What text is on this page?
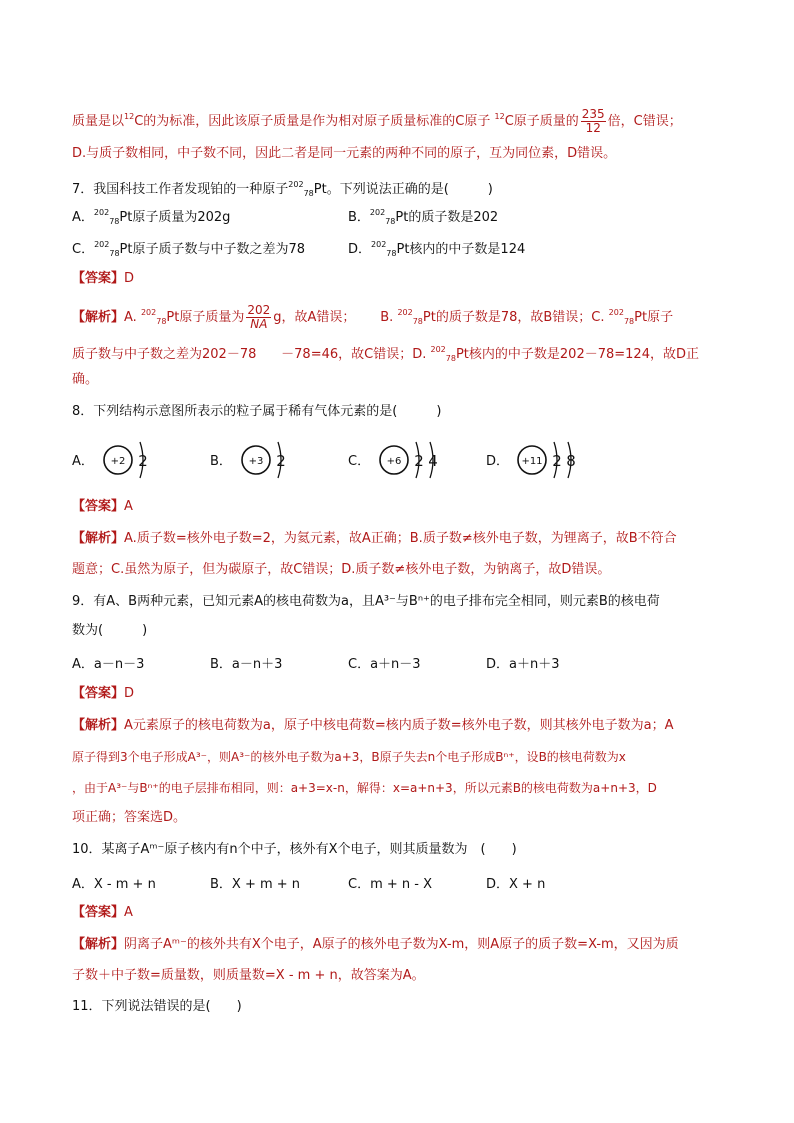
质量是以$^{12}$C的为标准，因此该原子质量是作为相对原子质量标准的C原子 $^{12}$C原子质量的 $\frac{235}{12}$ 倍，C错误；
D.与质子数相同，中子数不同，因此二者是同一元素的两种不同的原子，互为同位素，D错误。
7．我国科技工作者发现铂的一种原子$^{202}_{78}$Pt。下列说法正确的是(　　　)
A．$^{202}_{78}$Pt原子质量为202g	B．$^{202}_{78}$Pt的质子数是202
C．$^{202}_{78}$Pt原子质子数与中子数之差为78	D．$^{202}_{78}$Pt核内的中子数是124
【答案】D
【解析】A. $^{202}_{78}$Pt原子质量为 $\frac{202}{NA}$ g，故A错误； B. $^{202}_{78}$Pt的质子数是78，故B错误；C. $^{202}_{78}$Pt原子
质子数与中子数之差为202－78 －78=46，故C错误；D. $^{202}_{78}$Pt核内的中子数是202－78=124，故D正
确。
8．下列结构示意图所表示的粒子属于稀有气体元素的是(　　　)
A． +2 2	B． +3 2	C． +6 2 4	D． +11 2 8
【答案】A
【解析】A.质子数=核外电子数=2，为氦元素，故A正确；B.质子数≠核外电子数，为锂离子，故B不符合
题意；C.虽然为原子，但为碳原子，故C错误；D.质子数≠核外电子数，为钠离子，故D错误。
9．有A、B两种元素，已知元素A的核电荷数为a，且A³⁻与Bⁿ⁺的电子排布完全相同，则元素B的核电荷
数为(　　　)
A．a－n－3	B．a－n＋3	C．a＋n－3	D．a＋n＋3
【答案】D
【解析】A元素原子的核电荷数为a，原子中核电荷数=核内质子数=核外电子数，则其核外电子数为a；A
原子得到3个电子形成A³⁻，则A³⁻的核外电子数为a+3，B原子失去n个电子形成Bⁿ⁺，设B的核电荷数为x
，由于A³⁻与Bⁿ⁺的电子层排布相同，则：a+3=x-n，解得：x=a+n+3，所以元素B的核电荷数为a+n+3，D
项正确；答案选D。
10．某离子Aᵐ⁻原子核内有n个中子，核外有X个电子，则其质量数为　(　　)
A．X - m + n	B．X + m + n	C．m + n - X	D．X + n
【答案】A
【解析】阴离子Aᵐ⁻的核外共有X个电子，A原子的核外电子数为X-m，则A原子的质子数=X-m，又因为质
子数＋中子数=质量数，则质量数=X - m + n，故答案为A。
11．下列说法错误的是(　　)
